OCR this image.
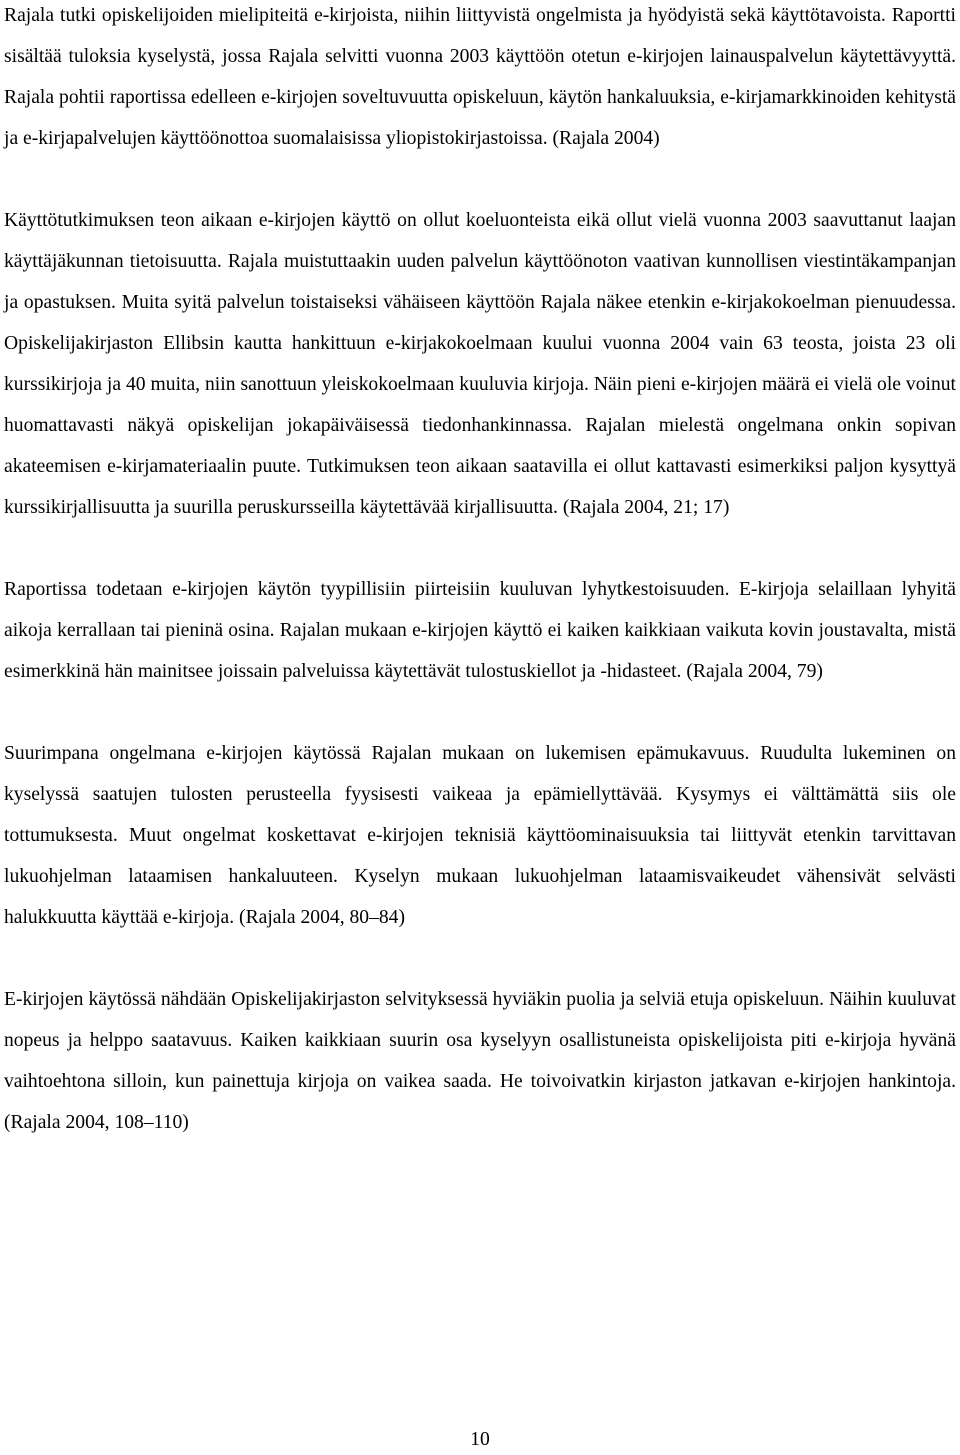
Rajala tutki opiskelijoiden mielipiteitä e-kirjoista, niihin liittyvistä ongelmista ja hyödyistä sekä käyttötavoista. Raportti sisältää tuloksia kyselystä, jossa Rajala selvitti vuonna 2003 käyttöön otetun e-kirjojen lainauspalvelun käytettävyyttä. Rajala pohtii raportissa edelleen e-kirjojen soveltuvuutta opiskeluun, käytön hankaluuksia, e-kirjamarkkinoiden kehitystä ja e-kirjapalvelujen käyttöönottoa suomalaisissa yliopistokirjastoissa. (Rajala 2004)

Käyttötutkimuksen teon aikaan e-kirjojen käyttö on ollut koeluonteista eikä ollut vielä vuonna 2003 saavuttanut laajan käyttäjäkunnan tietoisuutta. Rajala muistuttaakin uuden palvelun käyttöönoton vaativan kunnollisen viestintäkampanjan ja opastuksen. Muita syitä palvelun toistaiseksi vähäiseen käyttöön Rajala näkee etenkin e-kirjakokoelman pienuudessa. Opiskelijakirjaston Ellibsin kautta hankittuun e-kirjakokoelmaan kuului vuonna 2004 vain 63 teosta, joista 23 oli kurssikirjoja ja 40 muita, niin sanottuun yleiskokoelmaan kuuluvia kirjoja. Näin pieni e-kirjojen määrä ei vielä ole voinut huomattavasti näkyä opiskelijan jokapäiväisessä tiedonhankinnassa. Rajalan mielestä ongelmana onkin sopivan akateemisen e-kirjamateriaalin puute. Tutkimuksen teon aikaan saatavilla ei ollut kattavasti esimerkiksi paljon kysyttyä kurssikirjallisuutta ja suurilla peruskursseilla käytettävää kirjallisuutta. (Rajala 2004, 21; 17)

Raportissa todetaan e-kirjojen käytön tyypillisiin piirteisiin kuuluvan lyhytkestoisuuden. E-kirjoja selaillaan lyhyitä aikoja kerrallaan tai pieninä osina. Rajalan mukaan e-kirjojen käyttö ei kaiken kaikkiaan vaikuta kovin joustavalta, mistä esimerkkinä hän mainitsee joissain palveluissa käytettävät tulostuskiellot ja -hidasteet. (Rajala 2004, 79)

Suurimpana ongelmana e-kirjojen käytössä Rajalan mukaan on lukemisen epämukavuus. Ruudulta lukeminen on kyselyssä saatujen tulosten perusteella fyysisesti vaikeaa ja epämiellyttävää. Kysymys ei välttämättä siis ole tottumuksesta. Muut ongelmat koskettavat e-kirjojen teknisiä käyttöominaisuuksia tai liittyvät etenkin tarvittavan lukuohjelman lataamisen hankaluuteen. Kyselyn mukaan lukuohjelman lataamisvaikeudet vähensivät selvästi halukkuutta käyttää e-kirjoja. (Rajala 2004, 80–84)

E-kirjojen käytössä nähdään Opiskelijakirjaston selvityksessä hyviäkin puolia ja selviä etuja opiskeluun. Näihin kuuluvat nopeus ja helppo saatavuus. Kaiken kaikkiaan suurin osa kyselyyn osallistuneista opiskelijoista piti e-kirjoja hyvänä vaihtoehtona silloin, kun painettuja kirjoja on vaikea saada. He toivoivatkin kirjaston jatkavan e-kirjojen hankintoja. (Rajala 2004, 108–110)

10
